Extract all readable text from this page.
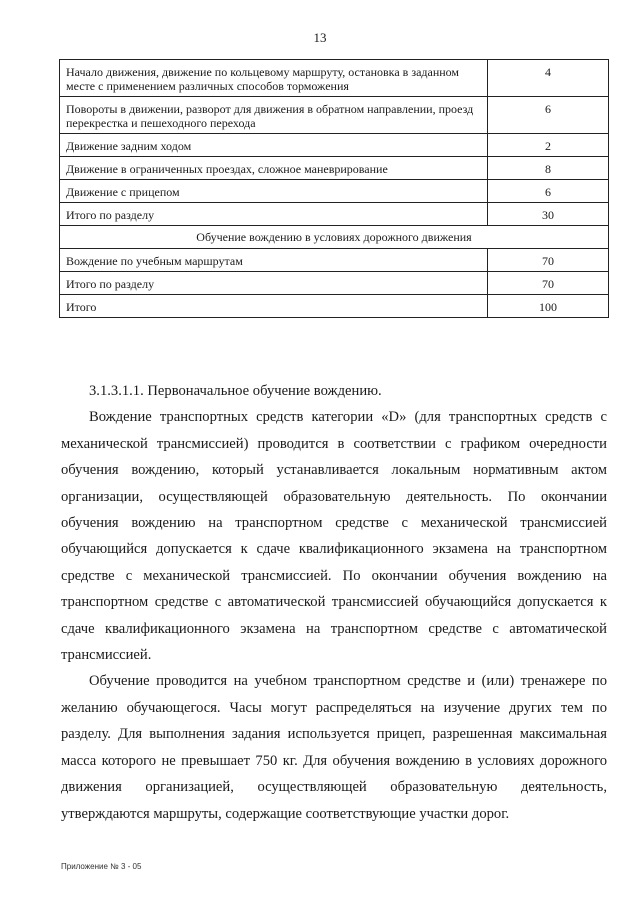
13
Начало движения, движение по кольцевому маршруту, остановка в заданном месте с применением различных способов торможения	4
Повороты в движении, разворот для движения в обратном направлении, проезд перекрестка и пешеходного перехода	6
Движение задним ходом	2
Движение в ограниченных проездах, сложное маневрирование	8
Движение с прицепом	6
Итого по разделу	30
Обучение вождению в условиях дорожного движения	
Вождение по учебным маршрутам	70
Итого по разделу	70
Итого	100

3.1.3.1.1. Первоначальное обучение вождению.

Вождение транспортных средств категории «D» (для транспортных средств с механической трансмиссией) проводится в соответствии с графиком очередности обучения вождению, который устанавливается локальным нормативным актом организации, осуществляющей образовательную деятельность. По окончании обучения вождению на транспортном средстве с механической трансмиссией обучающийся допускается к сдаче квалификационного экзамена на транспортном средстве с механической трансмиссией. По окончании обучения вождению на транспортном средстве с автоматической трансмиссией обучающийся допускается к сдаче квалификационного экзамена на транспортном средстве с автоматической трансмиссией.

Обучение проводится на учебном транспортном средстве и (или) тренажере по желанию обучающегося. Часы могут распределяться на изучение других тем по разделу. Для выполнения задания используется прицеп, разрешенная максимальная масса которого не превышает 750 кг. Для обучения вождению в условиях дорожного движения организацией, осуществляющей образовательную деятельность, утверждаются маршруты, содержащие соответствующие участки дорог.

Приложение № 3 - 05
